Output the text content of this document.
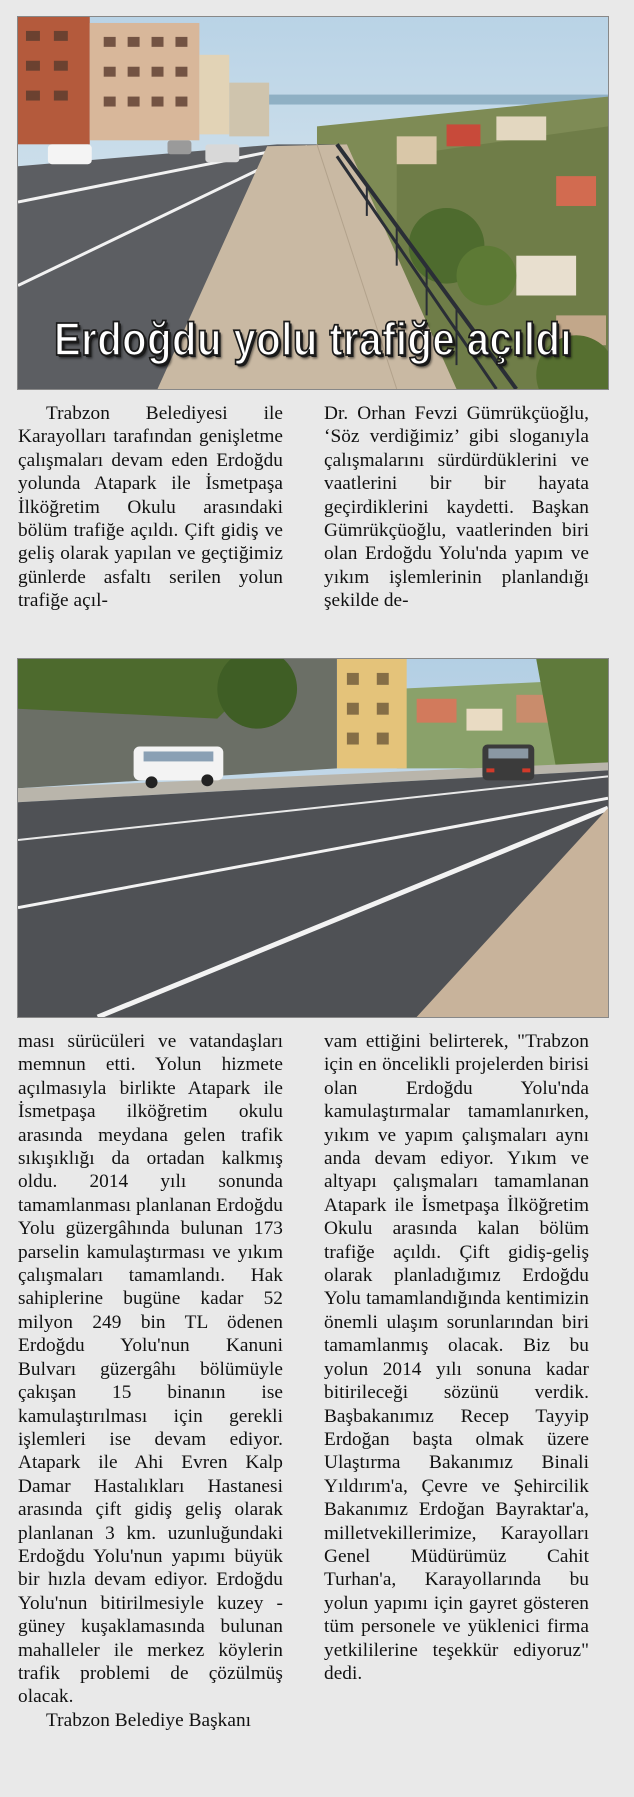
Erdoğdu yolu trafiğe açıldı

Trabzon Belediyesi ile Karayolları tarafından genişletme çalışmaları devam eden Erdoğdu yolunda Atapark ile İsmetpaşa İlköğretim Okulu arasındaki bölüm trafiğe açıldı. Çift gidiş ve geliş olarak yapılan ve geçtiğimiz günlerde asfaltı serilen yolun trafiğe açıl-

Dr. Orhan Fevzi Gümrükçüoğlu, ‘Söz verdiğimiz’ gibi sloganıyla çalışmalarını sürdürdüklerini ve vaatlerini bir bir hayata geçirdiklerini kaydetti. Başkan Gümrükçüoğlu, vaatlerinden biri olan Erdoğdu Yolu'nda yapım ve yıkım işlemlerinin planlandığı şekilde de-

ması sürücüleri ve vatandaşları memnun etti. Yolun hizmete açılmasıyla birlikte Atapark ile İsmetpaşa ilköğretim okulu arasında meydana gelen trafik sıkışıklığı da ortadan kalkmış oldu. 2014 yılı sonunda tamamlanması planlanan Erdoğdu Yolu güzergâhında bulunan 173 parselin kamulaştırması ve yıkım çalışmaları tamamlandı. Hak sahiplerine bugüne kadar 52 milyon 249 bin TL ödenen Erdoğdu Yolu'nun Kanuni Bulvarı güzergâhı bölümüyle çakışan 15 binanın ise kamulaştırılması için gerekli işlemleri ise devam ediyor. Atapark ile Ahi Evren Kalp Damar Hastalıkları Hastanesi arasında çift gidiş geliş olarak planlanan 3 km. uzunluğundaki Erdoğdu Yolu'nun yapımı büyük bir hızla devam ediyor. Erdoğdu Yolu'nun bitirilmesiyle kuzey - güney kuşaklamasında bulunan mahalleler ile merkez köylerin trafik problemi de çözülmüş olacak.

Trabzon Belediye Başkanı

vam ettiğini belirterek, "Trabzon için en öncelikli projelerden birisi olan Erdoğdu Yolu'nda kamulaştırmalar tamamlanırken, yıkım ve yapım çalışmaları aynı anda devam ediyor. Yıkım ve altyapı çalışmaları tamamlanan Atapark ile İsmetpaşa İlköğretim Okulu arasında kalan bölüm trafiğe açıldı. Çift gidiş-geliş olarak planladığımız Erdoğdu Yolu tamamlandığında kentimizin önemli ulaşım sorunlarından biri tamamlanmış olacak. Biz bu yolun 2014 yılı sonuna kadar bitirileceği sözünü verdik. Başbakanımız Recep Tayyip Erdoğan başta olmak üzere Ulaştırma Bakanımız Binali Yıldırım'a, Çevre ve Şehircilik Bakanımız Erdoğan Bayraktar'a, milletvekillerimize, Karayolları Genel Müdürümüz Cahit Turhan'a, Karayollarında bu yolun yapımı için gayret gösteren tüm personele ve yüklenici firma yetkililerine teşekkür ediyoruz" dedi.
